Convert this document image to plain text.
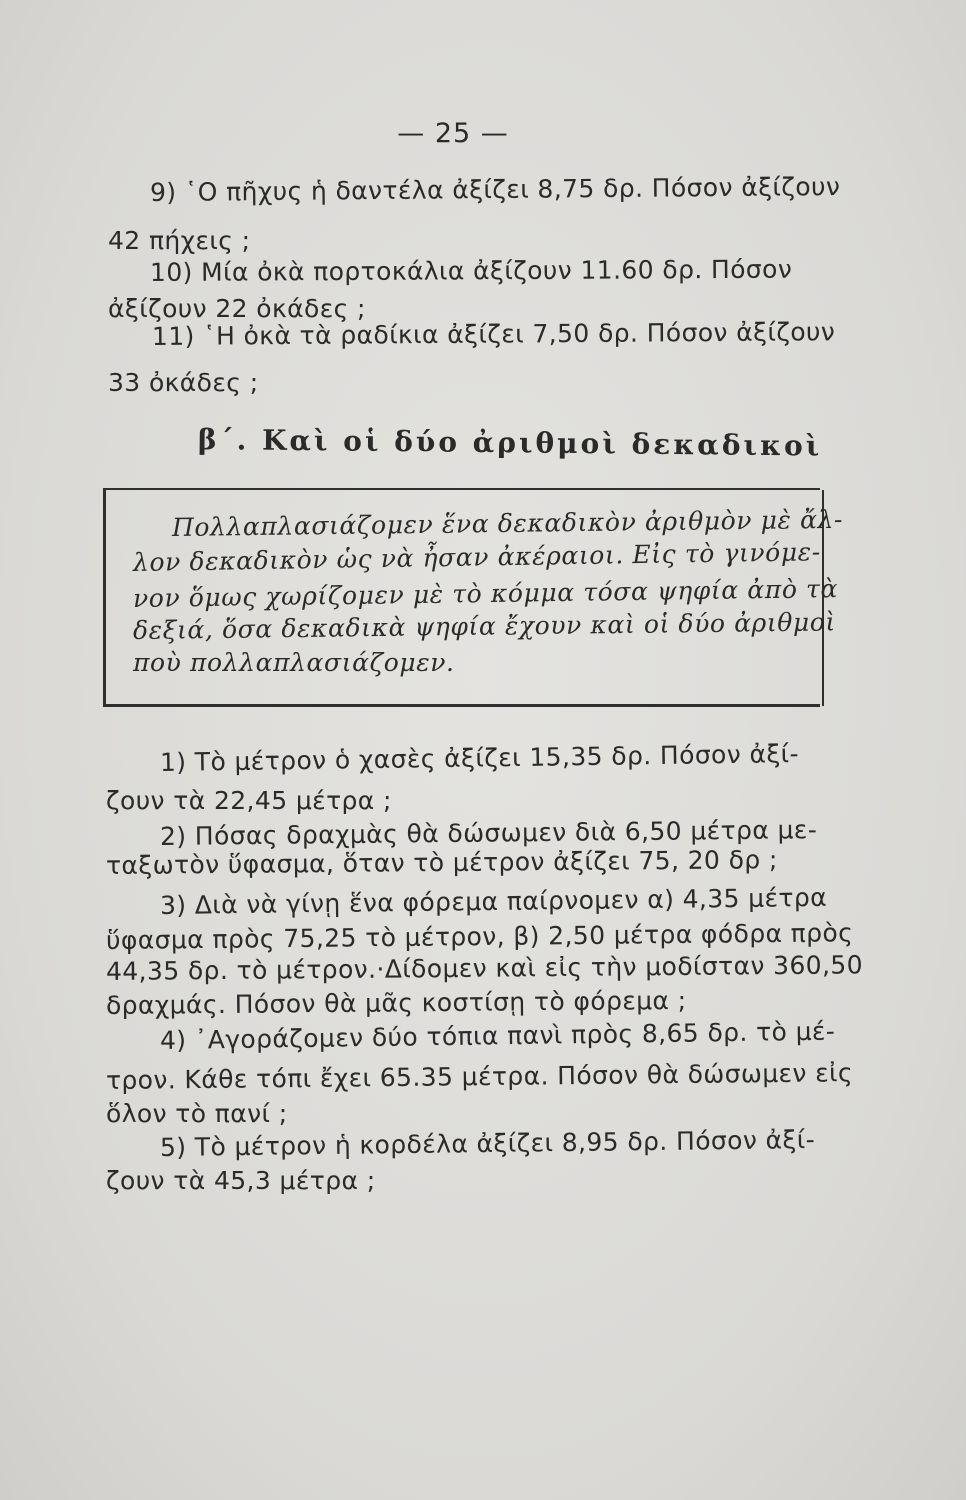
— 25 —
9) ῾Ο πῆχυς ἡ δαντέλα ἀξίζει 8,75 δρ. Πόσον ἀξίζουν
42 πήχεις ;
10) Μία ὀκὰ πορτοκάλια ἀξίζουν 11.60 δρ. Πόσον
ἀξίζουν 22 ὀκάδες ;
11) ῾Η ὀκὰ τὰ ραδίκια ἀξίζει 7,50 δρ. Πόσον ἀξίζουν
33 ὀκάδες ;
β΄. Καὶ οἱ δύο ἀριθμοὶ δεκαδικοὶ
Πολλαπλασιάζομεν ἕνα δεκαδικὸν ἀριθμὸν μὲ ἄλ-
λον δεκαδικὸν ὡς νὰ ἦσαν ἀκέραιοι. Εἰς τὸ γινόμε-
νον ὅμως χωρίζομεν μὲ τὸ κόμμα τόσα ψηφία ἀπὸ τὰ
δεξιά, ὅσα δεκαδικὰ ψηφία ἔχουν καὶ οἱ δύο ἀριθμοὶ
ποὺ πολλαπλασιάζομεν.
1) Τὸ μέτρον ὁ χασὲς ἀξίζει 15,35 δρ. Πόσον ἀξί-
ζουν τὰ 22,45 μέτρα ;
2) Πόσας δραχμὰς θὰ δώσωμεν διὰ 6,50 μέτρα με-
ταξωτὸν ὕφασμα, ὅταν τὸ μέτρον ἀξίζει 75, 20 δρ ;
3) Διὰ νὰ γίνῃ ἕνα φόρεμα παίρνομεν α) 4,35 μέτρα
ὕφασμα πρὸς 75,25 τὸ μέτρον, β) 2,50 μέτρα φόδρα πρὸς
44,35 δρ. τὸ μέτρον.·Δίδομεν καὶ εἰς τὴν μοδίσταν 360,50
δραχμάς. Πόσον θὰ μᾶς κοστίσῃ τὸ φόρεμα ;
4) ᾿Αγοράζομεν δύο τόπια πανὶ πρὸς 8,65 δρ. τὸ μέ-
τρον. Κάθε τόπι ἔχει 65.35 μέτρα. Πόσον θὰ δώσωμεν εἰς
ὅλον τὸ πανί ;
5) Τὸ μέτρον ἡ κορδέλα ἀξίζει 8,95 δρ. Πόσον ἀξί-
ζουν τὰ 45,3 μέτρα ;
